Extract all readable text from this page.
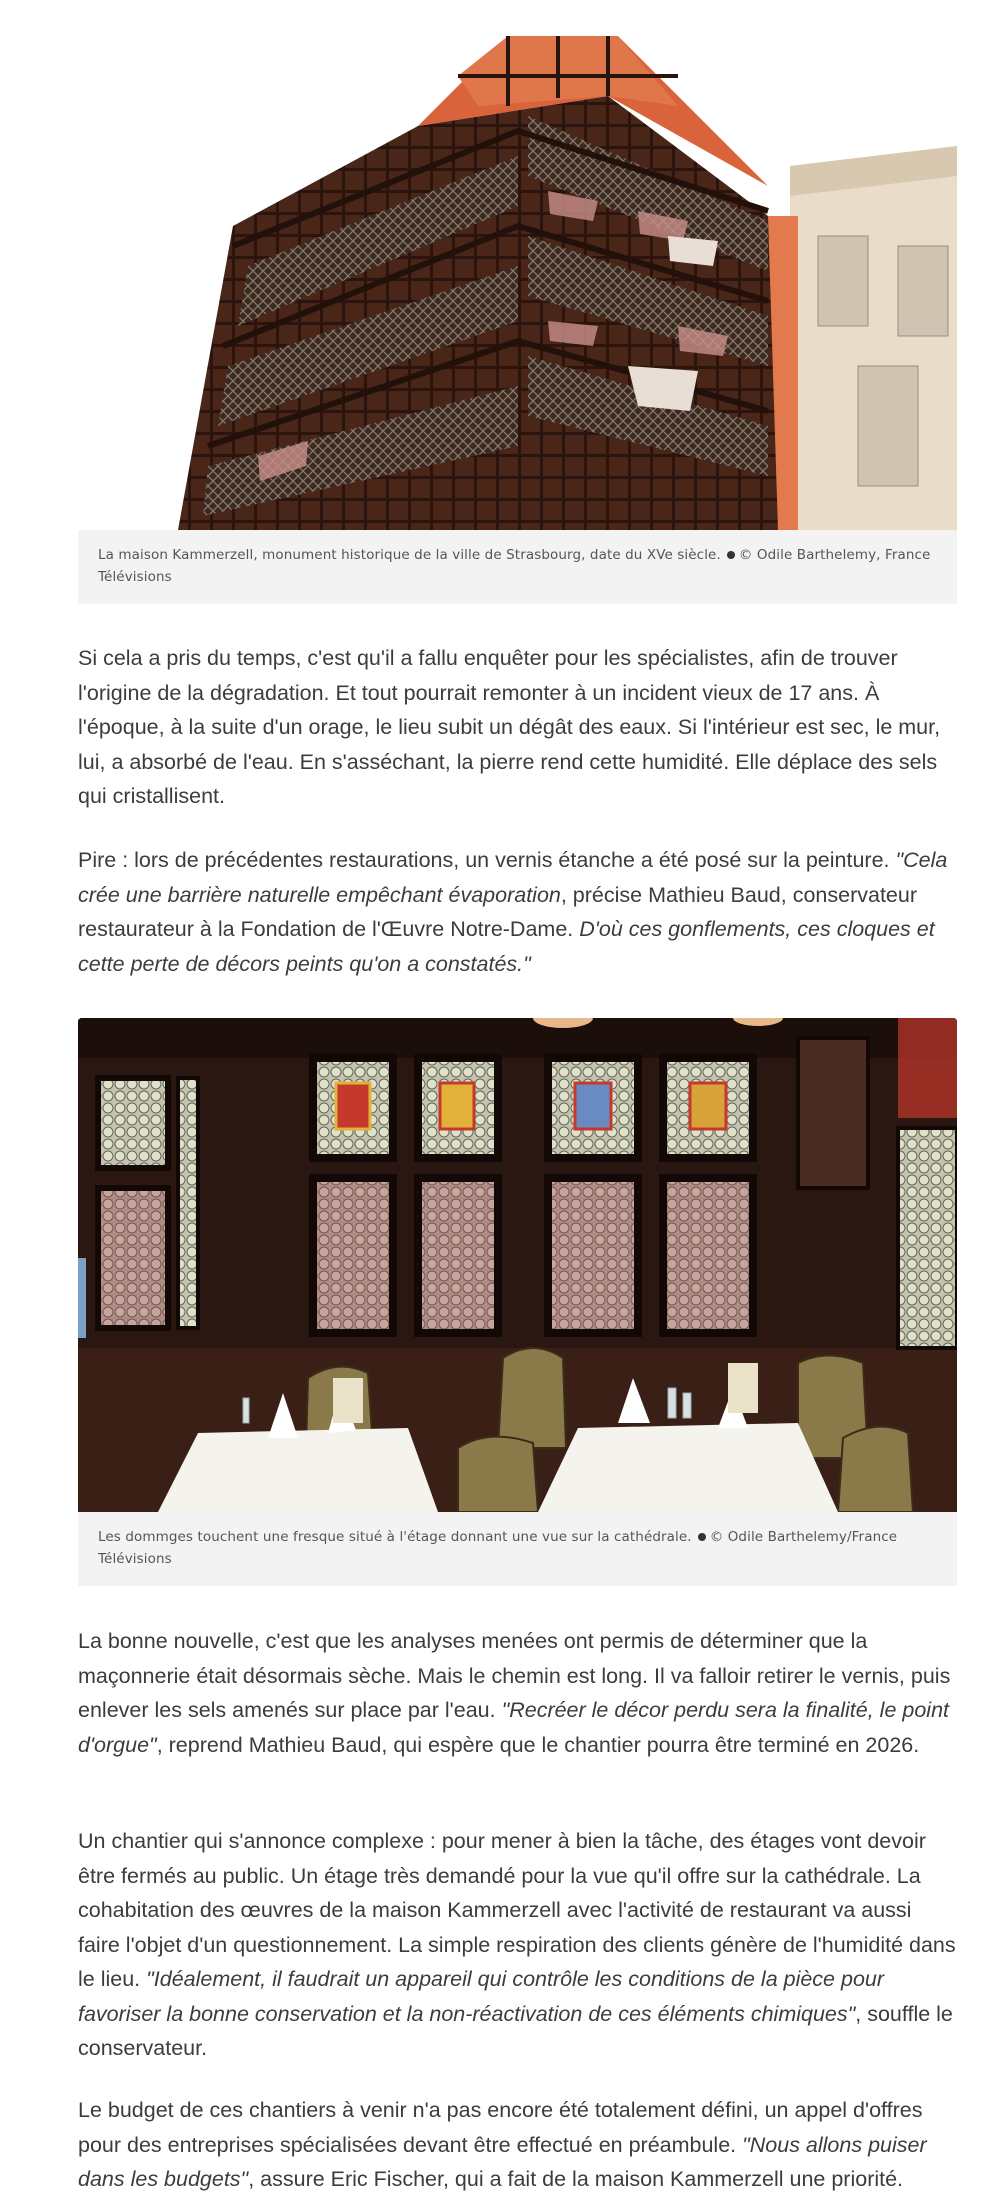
La maison Kammerzell, monument historique de la ville de Strasbourg, date du XVe siècle. © Odile Barthelemy, France Télévisions

Si cela a pris du temps, c'est qu'il a fallu enquêter pour les spécialistes, afin de trouver l'origine de la dégradation. Et tout pourrait remonter à un incident vieux de 17 ans. À l'époque, à la suite d'un orage, le lieu subit un dégât des eaux. Si l'intérieur est sec, le mur, lui, a absorbé de l'eau. En s'asséchant, la pierre rend cette humidité. Elle déplace des sels qui cristallisent.

Pire : lors de précédentes restaurations, un vernis étanche a été posé sur la peinture. "Cela crée une barrière naturelle empêchant évaporation, précise Mathieu Baud, conservateur restaurateur à la Fondation de l'Œuvre Notre-Dame. D'où ces gonflements, ces cloques et cette perte de décors peints qu'on a constatés."

Les dommges touchent une fresque situé à l'étage donnant une vue sur la cathédrale. © Odile Barthelemy/France Télévisions

La bonne nouvelle, c'est que les analyses menées ont permis de déterminer que la maçonnerie était désormais sèche. Mais le chemin est long. Il va falloir retirer le vernis, puis enlever les sels amenés sur place par l'eau. "Recréer le décor perdu sera la finalité, le point d'orgue", reprend Mathieu Baud, qui espère que le chantier pourra être terminé en 2026.

Un chantier qui s'annonce complexe : pour mener à bien la tâche, des étages vont devoir être fermés au public. Un étage très demandé pour la vue qu'il offre sur la cathédrale. La cohabitation des œuvres de la maison Kammerzell avec l'activité de restaurant va aussi faire l'objet d'un questionnement. La simple respiration des clients génère de l'humidité dans le lieu. "Idéalement, il faudrait un appareil qui contrôle les conditions de la pièce pour favoriser la bonne conservation et la non-réactivation de ces éléments chimiques", souffle le conservateur.

Le budget de ces chantiers à venir n'a pas encore été totalement défini, un appel d'offres pour des entreprises spécialisées devant être effectué en préambule. "Nous allons puiser dans les budgets", assure Eric Fischer, qui a fait de la maison Kammerzell une priorité.
